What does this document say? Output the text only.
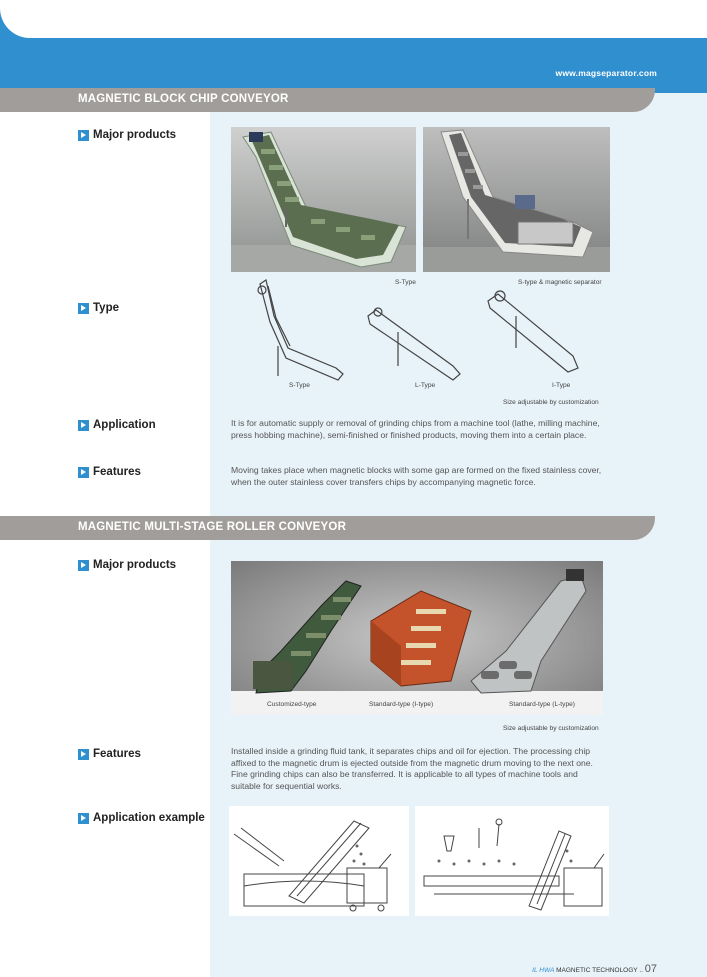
www.magseparator.com
MAGNETIC BLOCK CHIP CONVEYOR
Major products
S-Type	S-type & magnetic separator
Type
S-Type	L-Type	I-Type
Size adjustable by customization
Application	It is for automatic supply or removal of grinding chips from a machine tool (lathe, milling machine, press hobbing machine), semi-finished or finished products, moving them into a certain place.
Features	Moving takes place when magnetic blocks with some gap are formed on the fixed stainless cover, when the outer stainless cover transfers chips by accompanying magnetic force.
MAGNETIC MULTI-STAGE ROLLER CONVEYOR
Major products
Customized-type	Standard-type (I-type)	Standard-type (L-type)
Size adjustable by customization
Features	Installed inside a grinding fluid tank, it separates chips and oil for ejection. The processing chip affixed to the magnetic drum is ejected outside from the magnetic drum moving to the next one. Fine grinding chips can also be transferred. It is applicable to all types of machine tools and suitable for sequential works.
Application example
IL HWA MAGNETIC TECHNOLOGY .. 07
